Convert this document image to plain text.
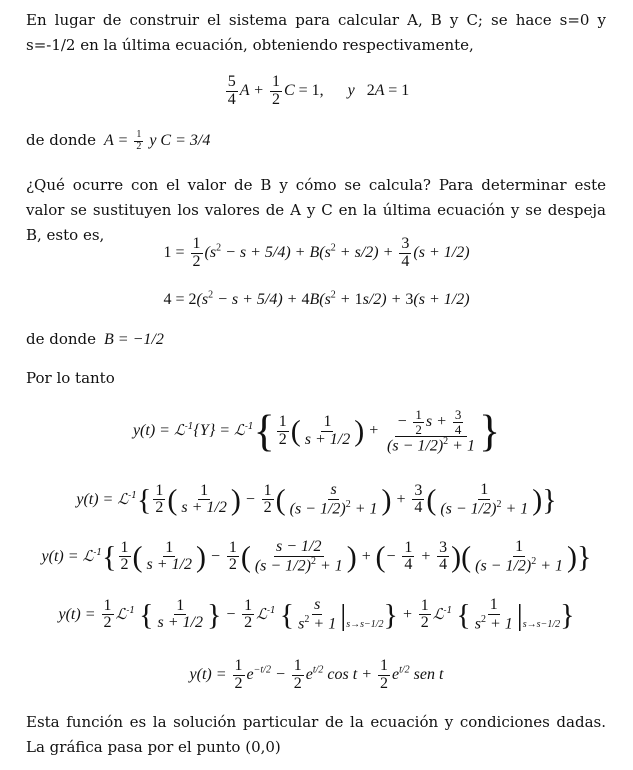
En lugar de construir el sistema para calcular A, B y C; se hace s=0 y s=-1/2 en la última ecuación, obteniendo respectivamente,

$\frac{5}{4}$ $A + \frac{1}{2}$ C = 1,      y   2A = 1
de donde  $A = \frac{1}{2}$ y C = 3/4

¿Qué ocurre con el valor de B y cómo se calcula? Para determinar este valor se sustituyen los valores de A y C en la última ecuación y se despeja B, esto es,

$1 = \frac{1}{2} (s^2 - s + 5/4) + B(s^2 + s/2) + \frac{3}{4} (s + 1/2)$
$4 = 2(s^2 - s + 5/4) + 4B(s^2 + 1s/2) + 3(s + 1/2)$
de donde  B = −1/2

Por lo tanto

y(t) = ℒ$^{-1}${Y} = ℒ$^{-1}${ $\frac{1}{2}$ ( $\frac{1}{s + 1/2}$ ) + $\frac{- \frac{1}{2} s + \frac{3}{4}}{(s - 1/2)^2 + 1}$ }
y(t) = ℒ$^{-1}${ $\frac{1}{2}$ ( $\frac{1}{s + 1/2}$ ) − $\frac{1}{2}$ ( $\frac{s}{(s - 1/2)^2 + 1}$ ) + $\frac{3}{4}$ ( $\frac{1}{(s - 1/2)^2 + 1}$ )}
y(t) = ℒ$^{-1}${ $\frac{1}{2}$ ( $\frac{1}{s + 1/2}$ ) − $\frac{1}{2}$ ( $\frac{s - 1/2}{(s - 1/2)^2 + 1}$ ) + (− $\frac{1}{4} + \frac{3}{4}$ )( $\frac{1}{(s - 1/2)^2 + 1}$ )}
$y(t) = \frac{1}{2}$ ℒ$^{-1}$ { $\frac{1}{s + 1/2}$ } − $\frac{1}{2}$ ℒ$^{-1}$ { $\frac{s}{s^2 + 1} |_{s\to s-1/2}\} + \frac{1}{2}$ ℒ$^{-1}$ { $\frac{1}{s^2 + 1} |_{s\to s-1/2}$}
$y(t) = \frac{1}{2} e^{-t/2} - \frac{1}{2} e^{t/2}$ $\cos t + \frac{1}{2} e^{t/2}$ sen t

Esta función es la solución particular de la ecuación y condiciones dadas. La gráfica pasa por el punto (0,0)
